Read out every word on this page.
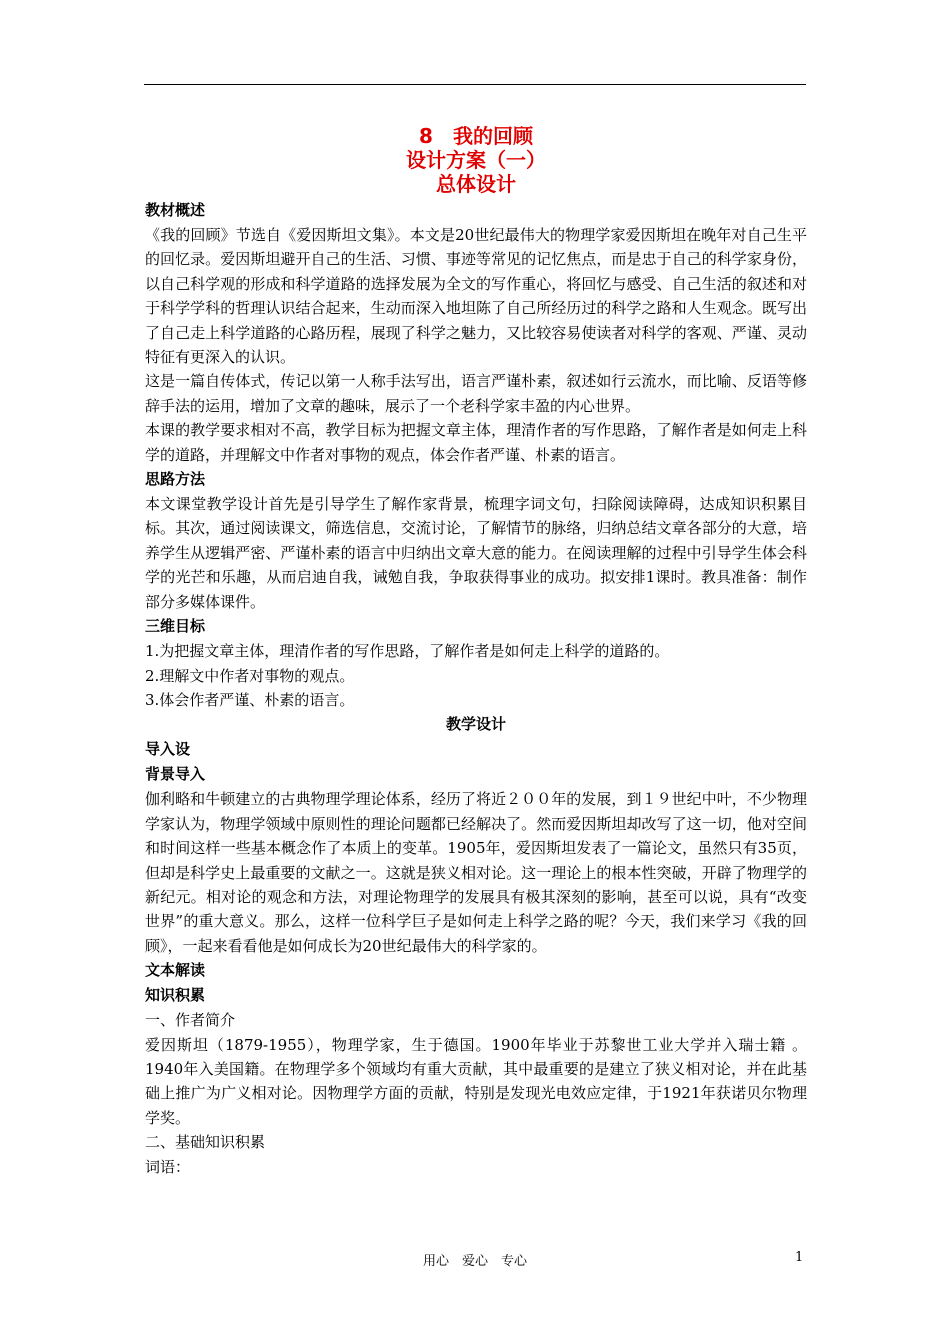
8　我的回顾
设计方案（一）
总体设计
教材概述
《我的回顾》节选自《爱因斯坦文集》。本文是20世纪最伟大的物理学家爱因斯坦在晚年对自己生平的回忆录。爱因斯坦避开自己的生活、习惯、事迹等常见的记忆焦点，而是忠于自己的科学家身份，以自己科学观的形成和科学道路的选择发展为全文的写作重心，将回忆与感受、自己生活的叙述和对于科学学科的哲理认识结合起来，生动而深入地坦陈了自己所经历过的科学之路和人生观念。既写出了自己走上科学道路的心路历程，展现了科学之魅力，又比较容易使读者对科学的客观、严谨、灵动特征有更深入的认识。
这是一篇自传体式，传记以第一人称手法写出，语言严谨朴素，叙述如行云流水，而比喻、反语等修辞手法的运用，增加了文章的趣味，展示了一个老科学家丰盈的内心世界。
本课的教学要求相对不高，教学目标为把握文章主体，理清作者的写作思路，了解作者是如何走上科学的道路，并理解文中作者对事物的观点，体会作者严谨、朴素的语言。
思路方法
本文课堂教学设计首先是引导学生了解作家背景，梳理字词文句，扫除阅读障碍，达成知识积累目标。其次，通过阅读课文，筛选信息，交流讨论，了解情节的脉络，归纳总结文章各部分的大意，培养学生从逻辑严密、严谨朴素的语言中归纳出文章大意的能力。在阅读理解的过程中引导学生体会科学的光芒和乐趣，从而启迪自我，诫勉自我，争取获得事业的成功。拟安排1课时。教具准备：制作部分多媒体课件。
三维目标
1.为把握文章主体，理清作者的写作思路，了解作者是如何走上科学的道路的。
2.理解文中作者对事物的观点。
3.体会作者严谨、朴素的语言。
教学设计
导入设
背景导入
伽利略和牛顿建立的古典物理学理论体系，经历了将近２００年的发展，到１９世纪中叶，不少物理学家认为，物理学领域中原则性的理论问题都已经解决了。然而爱因斯坦却改写了这一切，他对空间和时间这样一些基本概念作了本质上的变革。1905年，爱因斯坦发表了一篇论文，虽然只有35页，但却是科学史上最重要的文献之一。这就是狭义相对论。这一理论上的根本性突破，开辟了物理学的新纪元。相对论的观念和方法，对理论物理学的发展具有极其深刻的影响，甚至可以说，具有“改变世界”的重大意义。那么，这样一位科学巨子是如何走上科学之路的呢？今天，我们来学习《我的回顾》，一起来看看他是如何成长为20世纪最伟大的科学家的。
文本解读
知识积累
一、作者简介
爱因斯坦（1879-1955），物理学家，生于德国。1900年毕业于苏黎世工业大学并入瑞士籍 。1940年入美国籍。在物理学多个领域均有重大贡献，其中最重要的是建立了狭义相对论，并在此基础上推广为广义相对论。因物理学方面的贡献，特别是发现光电效应定律，于1921年获诺贝尔物理学奖。
二、基础知识积累
词语：
用心　爱心　专心	1
